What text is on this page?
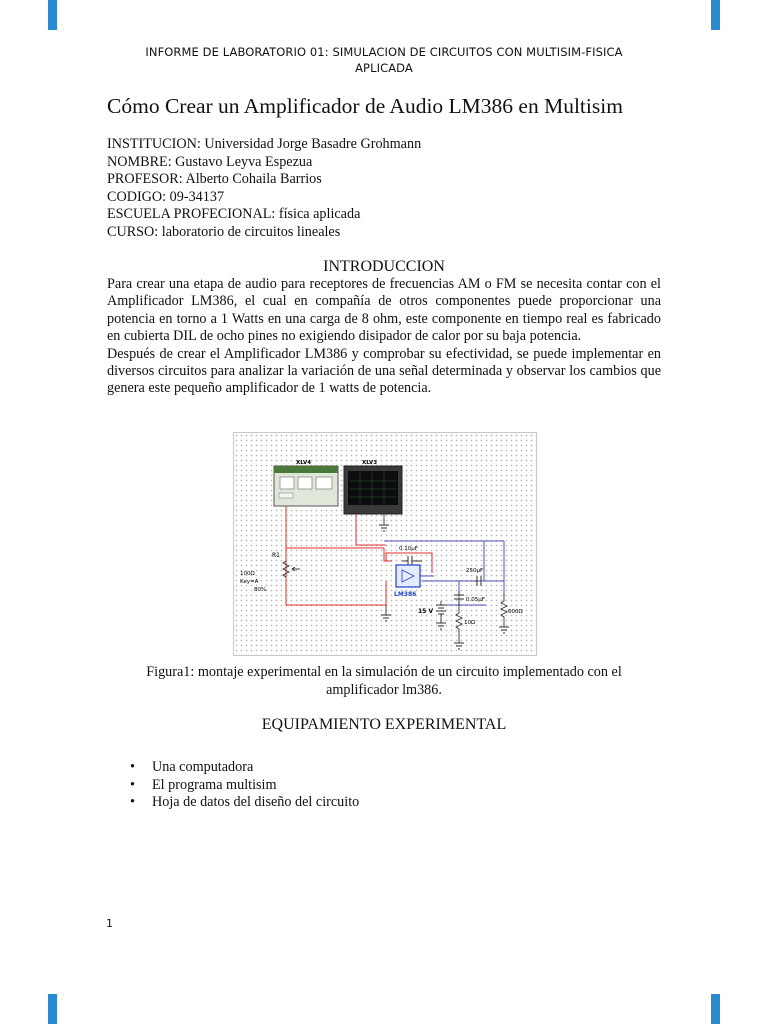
INFORME DE LABORATORIO 01: SIMULACION DE CIRCUITOS CON MULTISIM-FISICA
APLICADA
Cómo Crear un Amplificador de Audio LM386 en Multisim
INSTITUCION: Universidad Jorge Basadre Grohmann
NOMBRE: Gustavo Leyva Espezua
PROFESOR: Alberto Cohaila Barrios
CODIGO: 09-34137
ESCUELA PROFECIONAL: física aplicada
CURSO: laboratorio de circuitos lineales
INTRODUCCION

Para crear una etapa de audio para receptores de frecuencias AM o FM se necesita contar con el Amplificador LM386, el cual en compañía de otros componentes puede proporcionar una potencia en torno a 1 Watts en una carga de 8 ohm, este componente en tiempo real es fabricado en cubierta DIL de ocho pines no exigiendo disipador de calor por su baja potencia.

Después de crear el Amplificador LM386 y comprobar su efectividad, se puede implementar en diversos circuitos para analizar la variación de una señal determinada y observar los cambios que genera este pequeño amplificador de 1 watts de potencia.

XLV4	XLV3
0.10µF
LM386
250µF
0.05µF
10Ω
600Ω
15 V
R1
100Ω
Key=A
80%
Figura1: montaje experimental en la simulación de un circuito implementado con el
amplificador lm386.
EQUIPAMIENTO EXPERIMENTAL
• Una computadora
• El programa multisim
• Hoja de datos del diseño del circuito
1
